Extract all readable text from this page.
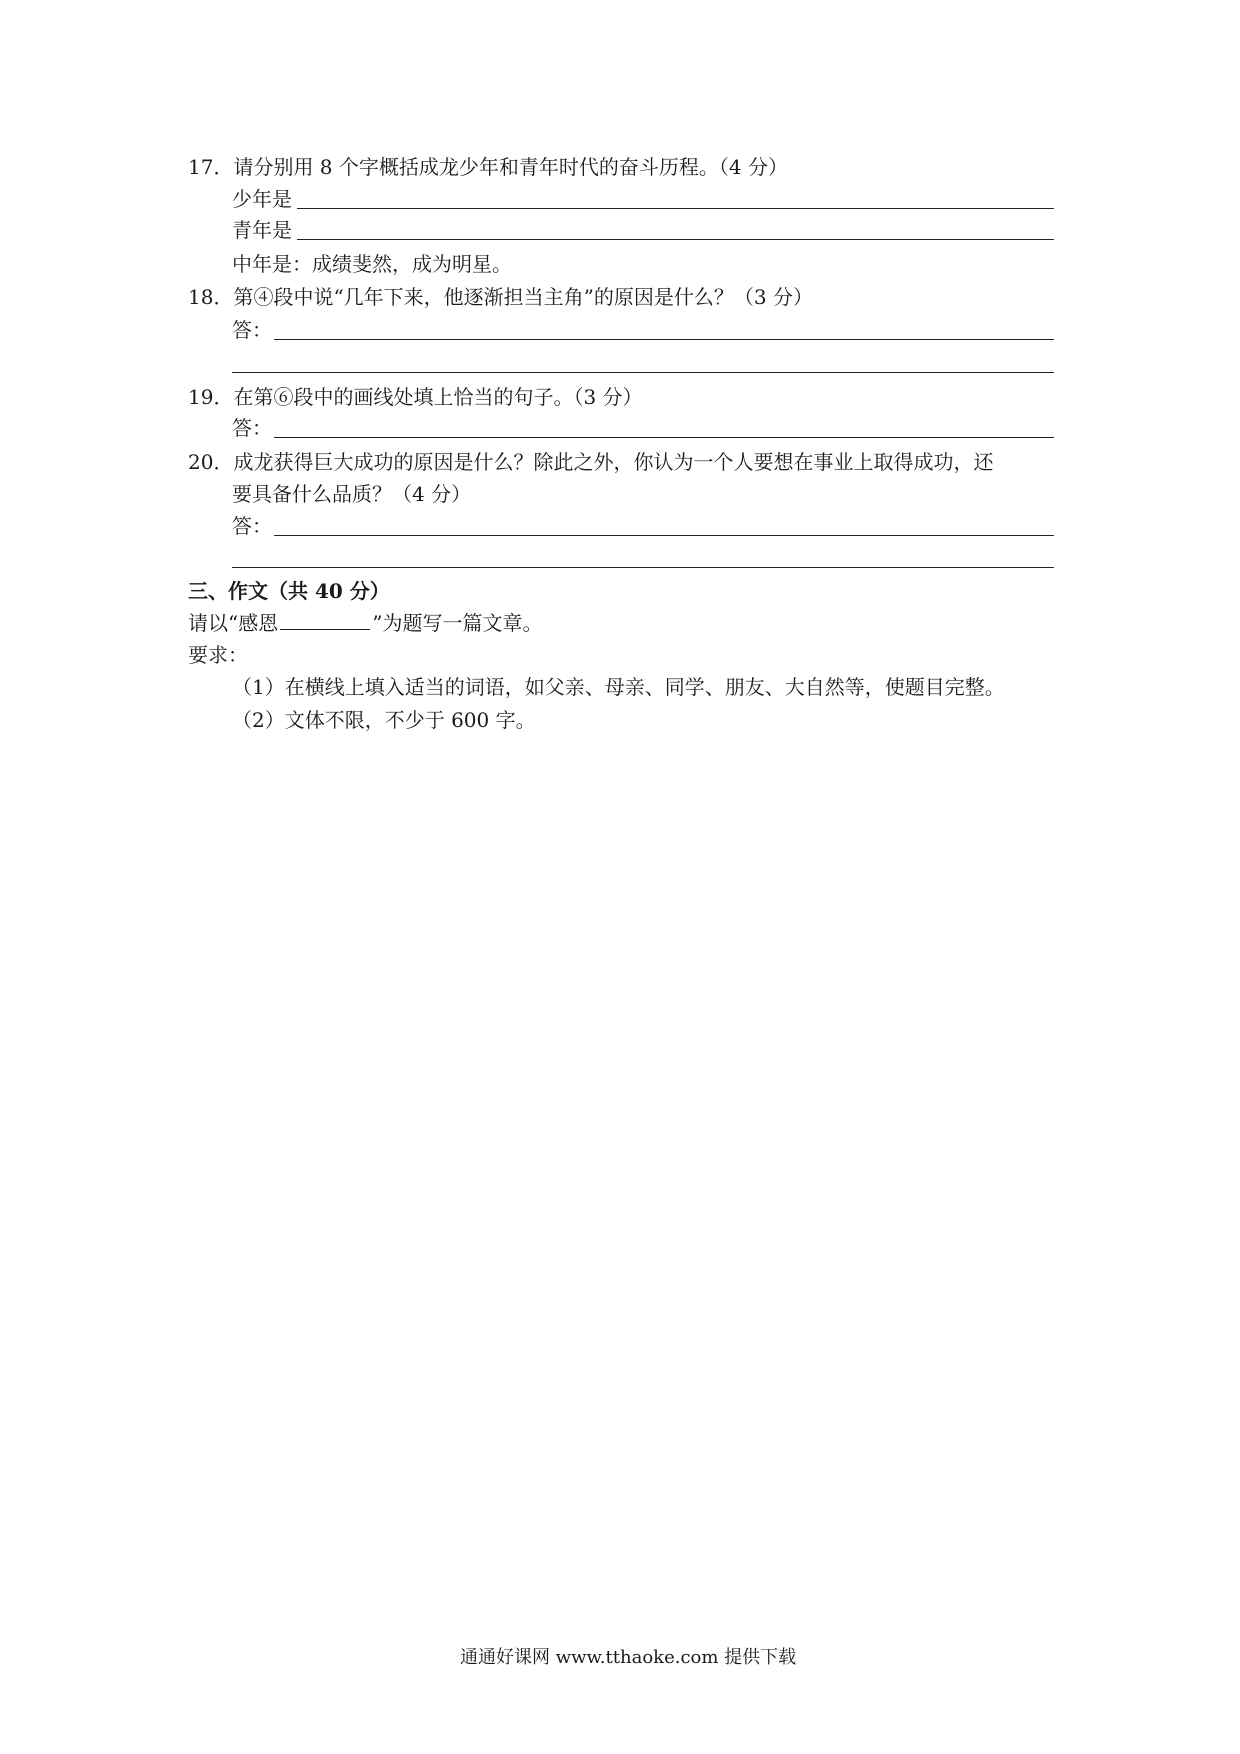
17．请分别用 8 个字概括成龙少年和青年时代的奋斗历程。（4 分）
少年是
青年是
中年是：成绩斐然，成为明星。
18．第④段中说“几年下来，他逐渐担当主角”的原因是什么？（3 分）
答：
19．在第⑥段中的画线处填上恰当的句子。（3 分）
答：
20．成龙获得巨大成功的原因是什么？除此之外，你认为一个人要想在事业上取得成功，还
要具备什么品质？（4 分）
答：
三、作文（共 40 分）
请以“感恩	”为题写一篇文章。
要求：
（1）在横线上填入适当的词语，如父亲、母亲、同学、朋友、大自然等，使题目完整。
（2）文体不限，不少于 600 字。
通通好课网 www.tthaoke.com 提供下载
